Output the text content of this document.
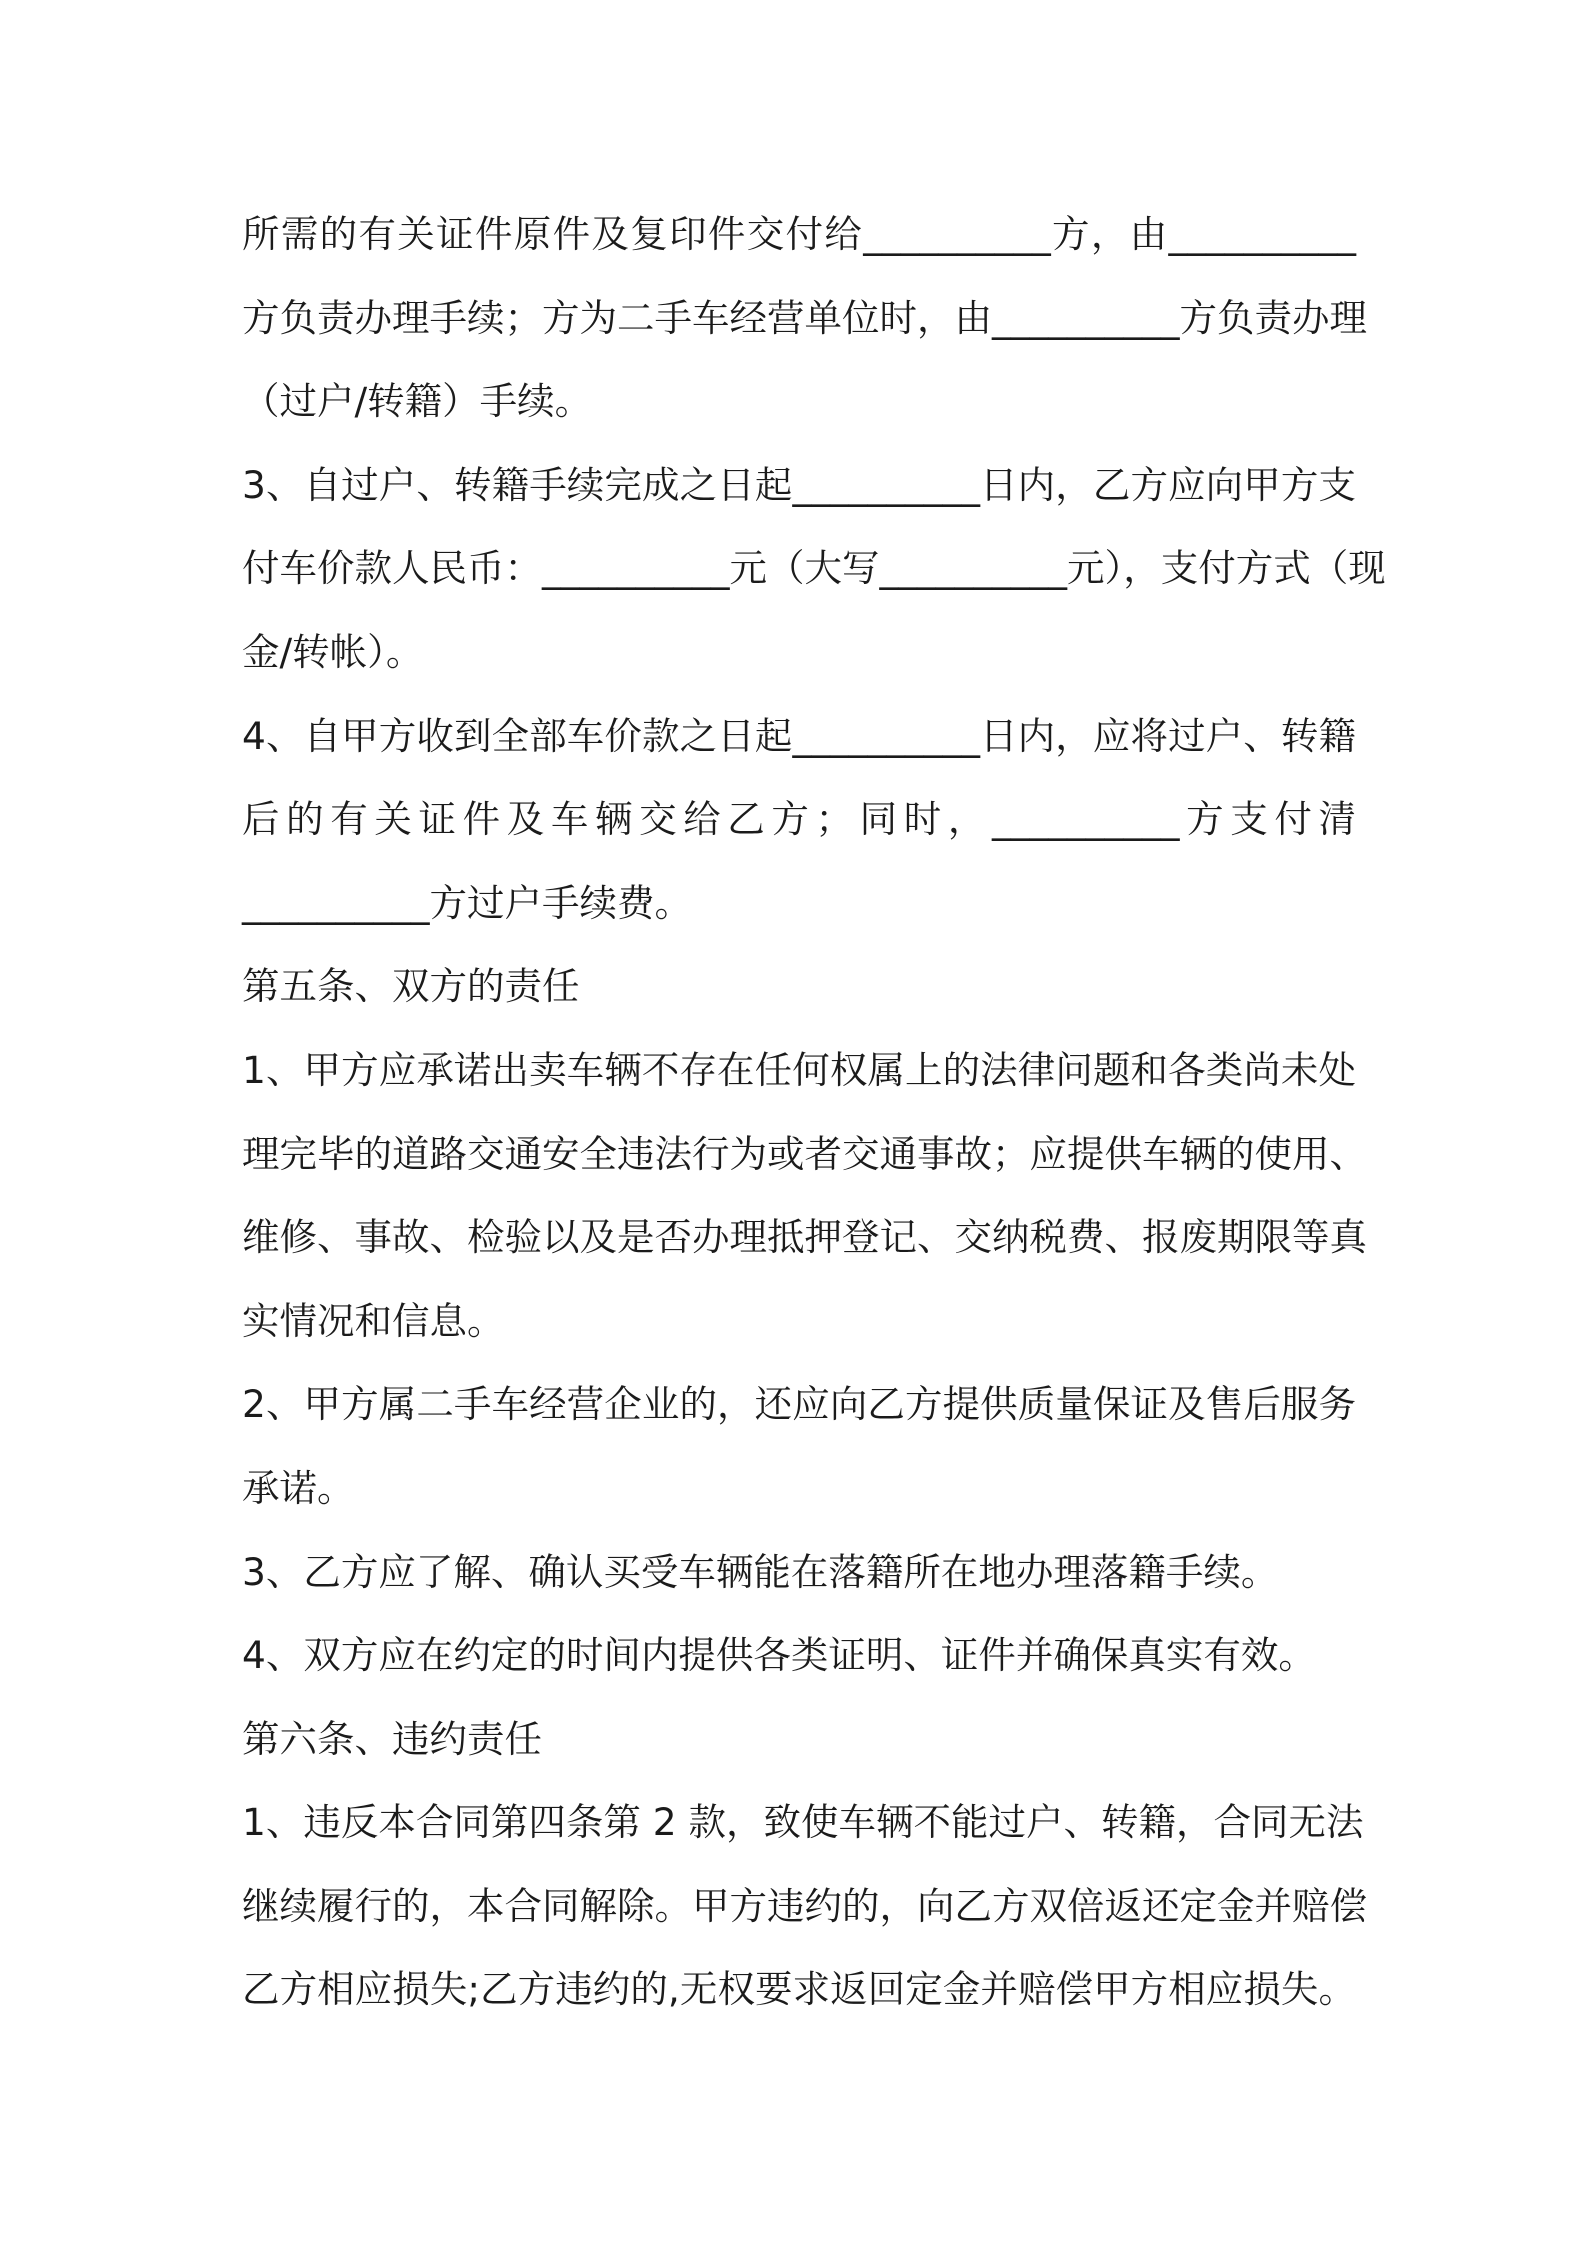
所需的有关证件原件及复印件交付给__________方，由__________
方负责办理手续；方为二手车经营单位时，由__________方负责办理
（过户/转籍）手续。
3、自过户、转籍手续完成之日起__________日内，乙方应向甲方支
付车价款人民币：__________元（大写__________元），支付方式（现
金/转帐）。
4、自甲方收到全部车价款之日起__________日内，应将过户、转籍
后的有关证件及车辆交给乙方；同时，__________方支付清
__________方过户手续费。
第五条、双方的责任
1、甲方应承诺出卖车辆不存在任何权属上的法律问题和各类尚未处
理完毕的道路交通安全违法行为或者交通事故；应提供车辆的使用、
维修、事故、检验以及是否办理抵押登记、交纳税费、报废期限等真
实情况和信息。
2、甲方属二手车经营企业的，还应向乙方提供质量保证及售后服务
承诺。
3、乙方应了解、确认买受车辆能在落籍所在地办理落籍手续。
4、双方应在约定的时间内提供各类证明、证件并确保真实有效。
第六条、违约责任
1、违反本合同第四条第 2 款，致使车辆不能过户、转籍，合同无法
继续履行的，本合同解除。甲方违约的，向乙方双倍返还定金并赔偿
乙方相应损失;乙方违约的,无权要求返回定金并赔偿甲方相应损失。
